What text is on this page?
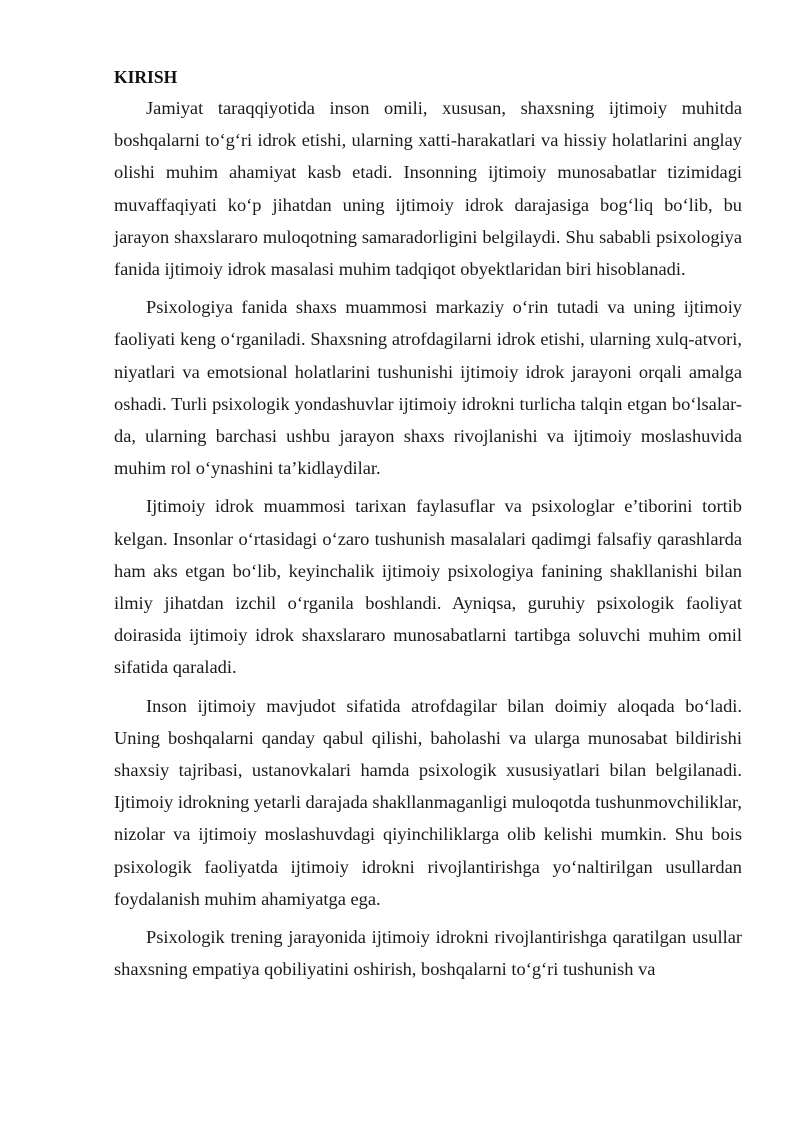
KIRISH

Jamiyat taraqqiyotida inson omili, xususan, shaxsning ijtimoiy muhitda boshqalarni to‘g‘ri idrok etishi, ularning xatti-harakatlari va hissiy holatlarini anglay olishi muhim ahamiyat kasb etadi. Insonning ijtimoiy munosabatlar tizimidagi muvaffaqiyati ko‘p jihatdan uning ijtimoiy idrok darajasiga bog‘liq bo‘lib, bu jarayon shaxslararo muloqotning samaradorligini belgilaydi. Shu sababli psixologiya fanida ijtimoiy idrok masalasi muhim tadqiqot obyektlaridan biri hisoblanadi.

Psixologiya fanida shaxs muammosi markaziy o‘rin tutadi va uning ijtimoiy faoliyati keng o‘rganiladi. Shaxsning atrofdagilarni idrok etishi, ularning xulq-atvori, niyatlari va emotsional holatlarini tushunishi ijtimoiy idrok jarayoni orqali amalga oshadi. Turli psixologik yondashuvlar ijtimoiy idrokni turlicha talqin etgan bo‘lsalar-da, ularning barchasi ushbu jarayon shaxs rivojlanishi va ijtimoiy moslashuvida muhim rol o‘ynashini ta’kidlaydilar.

Ijtimoiy idrok muammosi tarixan faylasuflar va psixologlar e’tiborini tortib kelgan. Insonlar o‘rtasidagi o‘zaro tushunish masalalari qadimgi falsafiy qarashlarda ham aks etgan bo‘lib, keyinchalik ijtimoiy psixologiya fanining shakllanishi bilan ilmiy jihatdan izchil o‘rganila boshlandi. Ayniqsa, guruhiy psixologik faoliyat doirasida ijtimoiy idrok shaxslararo munosabatlarni tartibga soluvchi muhim omil sifatida qaraladi.

Inson ijtimoiy mavjudot sifatida atrofdagilar bilan doimiy aloqada bo‘ladi. Uning boshqalarni qanday qabul qilishi, baholashi va ularga munosabat bildirishi shaxsiy tajribasi, ustanovkalari hamda psixologik xususiyatlari bilan belgilanadi. Ijtimoiy idrokning yetarli darajada shakllanmaganligi muloqotda tushunmovchiliklar, nizolar va ijtimoiy moslashuvdagi qiyinchiliklarga olib kelishi mumkin. Shu bois psixologik faoliyatda ijtimoiy idrokni rivojlantirishga yo‘naltirilgan usullardan foydalanish muhim ahamiyatga ega.

Psixologik trening jarayonida ijtimoiy idrokni rivojlantirishga qaratilgan usullar shaxsning empatiya qobiliyatini oshirish, boshqalarni to‘g‘ri tushunish va
